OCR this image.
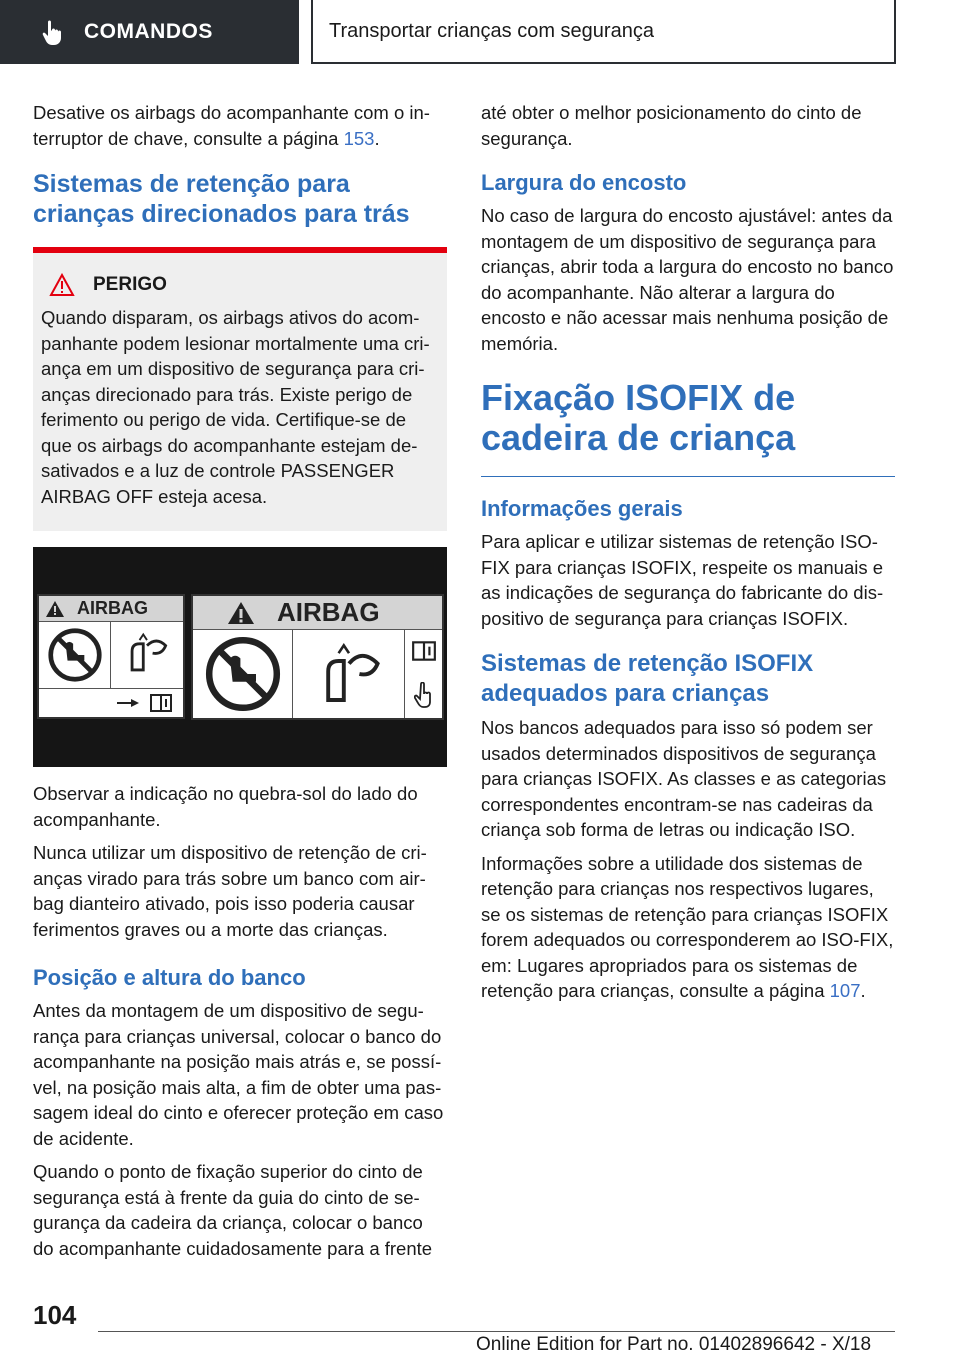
COMANDOS	Transportar crianças com segurança

Desative os airbags do acompanhante com o in-terruptor de chave, consulte a página 153.

Sistemas de retenção para crianças direcionados para trás
PERIGO

Quando disparam, os airbags ativos do acom-panhante podem lesionar mortalmente uma cri-ança em um dispositivo de segurança para cri-anças direcionado para trás. Existe perigo de ferimento ou perigo de vida. Certifique-se de que os airbags do acompanhante estejam de-sativados e a luz de controle PASSENGER AIRBAG OFF esteja acesa.

AIRBAG	AIRBAG

Observar a indicação no quebra-sol do lado do acompanhante.

Nunca utilizar um dispositivo de retenção de cri-anças virado para trás sobre um banco com air-bag dianteiro ativado, pois isso poderia causar ferimentos graves ou a morte das crianças.

Posição e altura do banco

Antes da montagem de um dispositivo de segu-rança para crianças universal, colocar o banco do acompanhante na posição mais atrás e, se possí-vel, na posição mais alta, a fim de obter uma pas-sagem ideal do cinto e oferecer proteção em caso de acidente.

Quando o ponto de fixação superior do cinto de segurança está à frente da guia do cinto de se-gurança da cadeira da criança, colocar o banco do acompanhante cuidadosamente para a frente

até obter o melhor posicionamento do cinto de segurança.

Largura do encosto

No caso de largura do encosto ajustável: antes da montagem de um dispositivo de segurança para crianças, abrir toda a largura do encosto no banco do acompanhante. Não alterar a largura do encosto e não acessar mais nenhuma posição de memória.

Fixação ISOFIX de cadeira de criança
Informações gerais

Para aplicar e utilizar sistemas de retenção ISO-FIX para crianças ISOFIX, respeite os manuais e as indicações de segurança do fabricante do dis-positivo de segurança para crianças ISOFIX.

Sistemas de retenção ISOFIX adequados para crianças

Nos bancos adequados para isso só podem ser usados determinados dispositivos de segurança para crianças ISOFIX. As classes e as categorias correspondentes encontram-se nas cadeiras da criança sob forma de letras ou indicação ISO.

Informações sobre a utilidade dos sistemas de retenção para crianças nos respectivos lugares, se os sistemas de retenção para crianças ISOFIX forem adequados ou corresponderem ao ISO-FIX, em: Lugares apropriados para os sistemas de retenção para crianças, consulte a página 107.

104
Online Edition for Part no. 01402896642 - X/18
